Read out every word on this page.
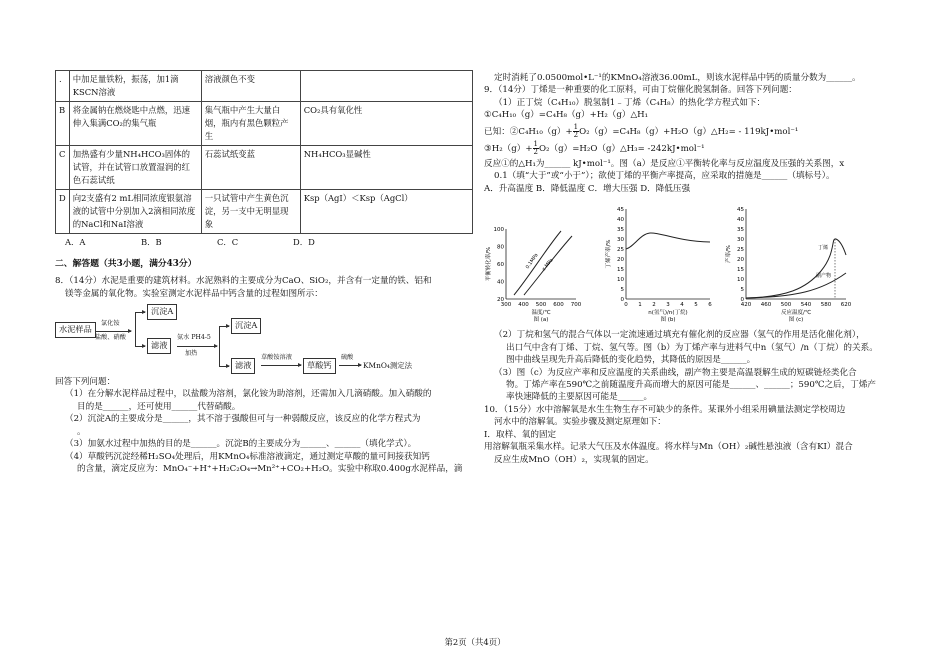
.	中加足量铁粉，振荡，加1滴KSCN溶液	溶液颜色不变	
B	将金属钠在燃烧匙中点燃，迅速伸入集满CO₂的集气瓶	集气瓶中产生大量白烟，瓶内有黑色颗粒产生	CO₂具有氧化性
C	加热盛有少量NH₄HCO₃固体的试管，并在试管口放置湿润的红色石蕊试纸	石蕊试纸变蓝	NH₄HCO₃显碱性
D	向2支盛有2 mL相同浓度银氨溶液的试管中分别加入2滴相同浓度的NaCl和NaI溶液	一只试管中产生黄色沉淀，另一支中无明显现象	Ksp（AgI）＜Ksp（AgCl）
A．A	B．B	C．C	D．D
二、解答题（共3小题，满分43分）

8．（14分）水泥是重要的建筑材料。水泥熟料的主要成分为CaO、SiO₂，并含有一定量的铁、铝和

镁等金属的氧化物。实验室测定水泥样品中钙含量的过程如图所示：

水泥样品
氯化铵
盐酸、硝酸
沉淀A
滤液
氨水 PH4-5
加热
沉淀A
滤液
草酸铵溶液
草酸钙
硫酸
KMnO₄测定法

回答下列问题：

（1）在分解水泥样品过程中，以盐酸为溶剂，氯化铵为助溶剂，还需加入几滴硝酸。加入硝酸的

目的是______，还可使用______代替硝酸。

（2）沉淀A的主要成分是______，其不溶于强酸但可与一种弱酸反应，该反应的化学方程式为

。

（3）加氨水过程中加热的目的是______。沉淀B的主要成分为______、______（填化学式）。

（4）草酸钙沉淀经稀H₂SO₄处理后，用KMnO₄标准溶液滴定，通过测定草酸的量可间接获知钙

的含量，滴定反应为：MnO₄⁻+H⁺+H₂C₂O₄→Mn²⁺+CO₂+H₂O。实验中称取0.400g水泥样品，滴

定时消耗了0.0500mol•L⁻¹的KMnO₄溶液36.00mL，则该水泥样品中钙的质量分数为______。

9．（14分）丁烯是一种重要的化工原料，可由丁烷催化脱氢制备。回答下列问题：

（1）正丁烷（C₄H₁₀）脱氢制1﹣丁烯（C₄H₈）的热化学方程式如下：

①C₄H₁₀（g）=C₄H₈（g）+H₂（g）△H₁

已知：②C₄H₁₀（g）+ $\frac{1}{2}$ O₂（g）=C₄H₈（g）+H₂O（g）△H₂= - 119kJ•mol⁻¹

③H₂（g）+ $\frac{1}{2}$ O₂（g）=H₂O（g）△H₃= -242kJ•mol⁻¹

反应①的△H₁为______ kJ•mol⁻¹。图（a）是反应①平衡转化率与反应温度及压强的关系图，x

0.1（填“大于”或“小于”）；欲使丁烯的平衡产率提高，应采取的措施是______（填标号）。

A．升高温度 B．降低温度 C．增大压强 D．降低压强

100
80
60
40
20
300 400 500 600 700
温度/℃
图 (a)
平衡转化率/%	0.1MPa x MPa
45
40
35
30
25
20
15
10
5
0
0 1 2 3 4 5 6
n(氢气)/n(丁烷)
图 (b)
丁烯产率/%
45
40
35
30
25
20
15
10
5
0
420 460 500 540 580 620
反应温度/℃
图 (c)
产率/%	丁烯
副产物

（2）丁烷和氢气的混合气体以一定流速通过填充有催化剂的反应器（氢气的作用是活化催化剂），

出口气中含有丁烯、丁烷、氢气等。图（b）为丁烯产率与进料气中n（氢气）/n（丁烷）的关系。

图中曲线呈现先升高后降低的变化趋势，其降低的原因是______。

（3）图（c）为反应产率和反应温度的关系曲线，副产物主要是高温裂解生成的短碳链烃类化合

物。丁烯产率在590℃之前随温度升高而增大的原因可能是______、______；590℃之后，丁烯产

率快速降低的主要原因可能是______。

10．（15分）水中溶解氧是水生生物生存不可缺少的条件。某课外小组采用碘量法测定学校周边

河水中的溶解氧。实验步骤及测定原理如下：

Ⅰ．取样、氧的固定

用溶解氧瓶采集水样。记录大气压及水体温度。将水样与Mn（OH）₂碱性悬浊液（含有KI）混合

反应生成MnO（OH）₂，实现氧的固定。

第2页（共4页）
